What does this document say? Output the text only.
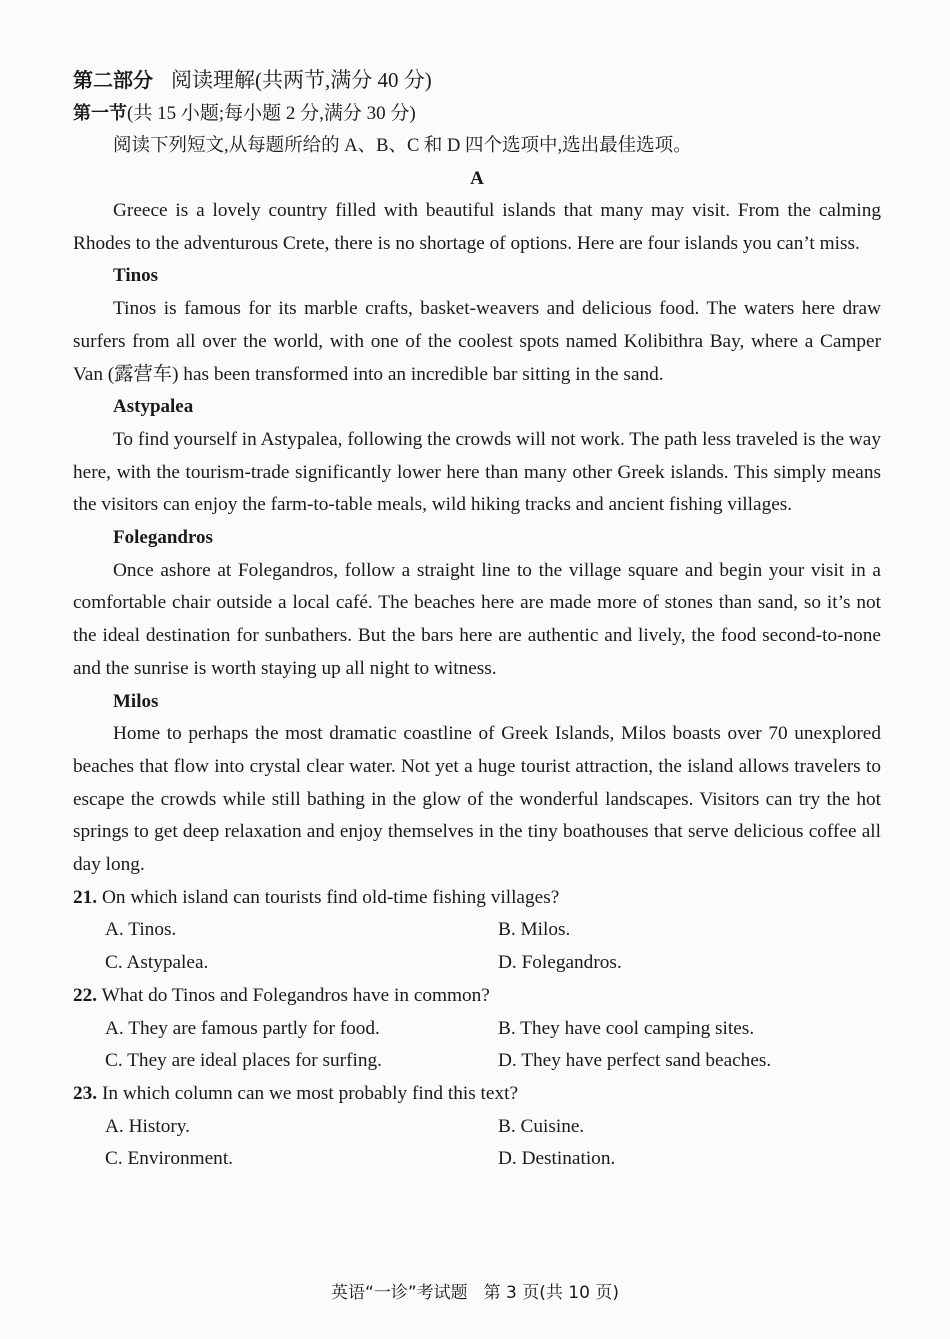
第二部分 阅读理解(共两节,满分 40 分)
第一节(共 15 小题;每小题 2 分,满分 30 分)
阅读下列短文,从每题所给的 A、B、C 和 D 四个选项中,选出最佳选项。
A

Greece is a lovely country filled with beautiful islands that many may visit. From the calming Rhodes to the adventurous Crete, there is no shortage of options. Here are four islands you can’t miss.

Tinos

Tinos is famous for its marble crafts, basket-weavers and delicious food. The waters here draw surfers from all over the world, with one of the coolest spots named Kolibithra Bay, where a Camper Van (露营车) has been transformed into an incredible bar sitting in the sand.

Astypalea

To find yourself in Astypalea, following the crowds will not work. The path less traveled is the way here, with the tourism-trade significantly lower here than many other Greek islands. This simply means the visitors can enjoy the farm-to-table meals, wild hiking tracks and ancient fishing villages.

Folegandros

Once ashore at Folegandros, follow a straight line to the village square and begin your visit in a comfortable chair outside a local café. The beaches here are made more of stones than sand, so it’s not the ideal destination for sunbathers. But the bars here are authentic and lively, the food second-to-none and the sunrise is worth staying up all night to witness.

Milos

Home to perhaps the most dramatic coastline of Greek Islands, Milos boasts over 70 unexplored beaches that flow into crystal clear water. Not yet a huge tourist attraction, the island allows travelers to escape the crowds while still bathing in the glow of the wonderful landscapes. Visitors can try the hot springs to get deep relaxation and enjoy themselves in the tiny boathouses that serve delicious coffee all day long.

21. On which island can tourists find old-time fishing villages?
A. Tinos.	B. Milos.
C. Astypalea.	D. Folegandros.
22. What do Tinos and Folegandros have in common?
A. They are famous partly for food.	B. They have cool camping sites.
C. They are ideal places for surfing.	D. They have perfect sand beaches.
23. In which column can we most probably find this text?
A. History.	B. Cuisine.
C. Environment.	D. Destination.
英语“一诊”考试题 第 3 页(共 10 页)
